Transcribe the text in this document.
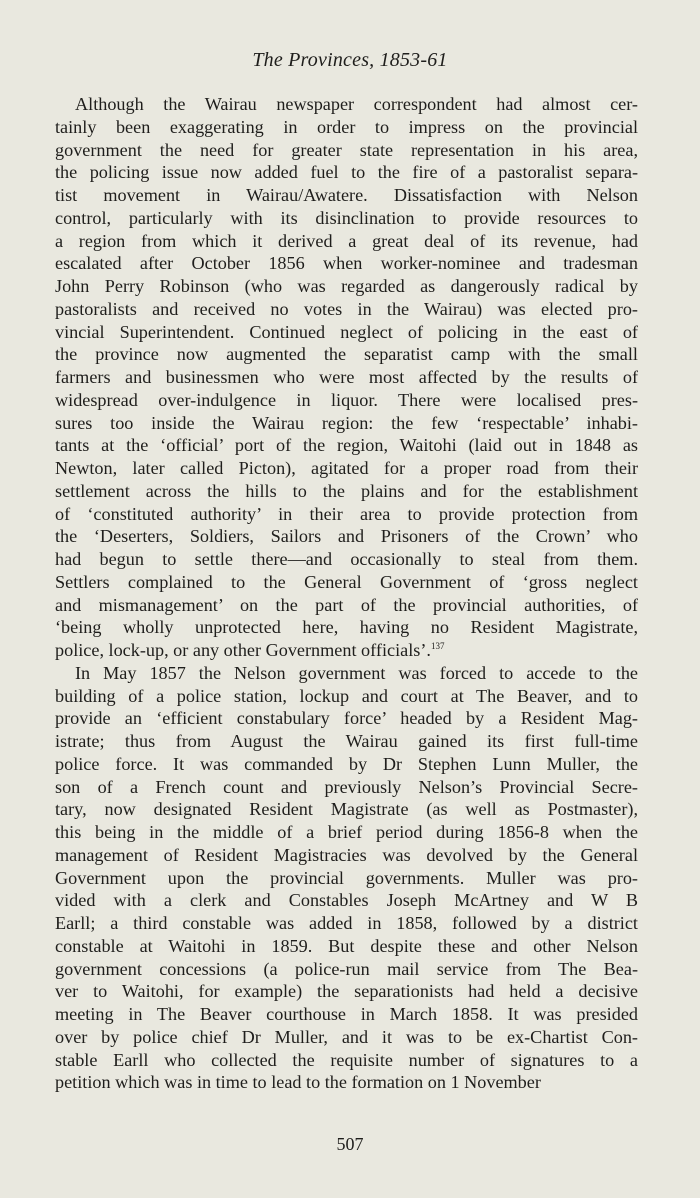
The Provinces, 1853-61
Although the Wairau newspaper correspondent had almost cer-
tainly been exaggerating in order to impress on the provincial
government the need for greater state representation in his area,
the policing issue now added fuel to the fire of a pastoralist separa-
tist movement in Wairau/Awatere. Dissatisfaction with Nelson
control, particularly with its disinclination to provide resources to
a region from which it derived a great deal of its revenue, had
escalated after October 1856 when worker-nominee and tradesman
John Perry Robinson (who was regarded as dangerously radical by
pastoralists and received no votes in the Wairau) was elected pro-
vincial Superintendent. Continued neglect of policing in the east of
the province now augmented the separatist camp with the small
farmers and businessmen who were most affected by the results of
widespread over-indulgence in liquor. There were localised pres-
sures too inside the Wairau region: the few ‘respectable’ inhabi-
tants at the ‘official’ port of the region, Waitohi (laid out in 1848 as
Newton, later called Picton), agitated for a proper road from their
settlement across the hills to the plains and for the establishment
of ‘constituted authority’ in their area to provide protection from
the ‘Deserters, Soldiers, Sailors and Prisoners of the Crown’ who
had begun to settle there—and occasionally to steal from them.
Settlers complained to the General Government of ‘gross neglect
and mismanagement’ on the part of the provincial authorities, of
‘being wholly unprotected here, having no Resident Magistrate,
police, lock-up, or any other Government officials’.$^{137}$
In May 1857 the Nelson government was forced to accede to the
building of a police station, lockup and court at The Beaver, and to
provide an ‘efficient constabulary force’ headed by a Resident Mag-
istrate; thus from August the Wairau gained its first full-time
police force. It was commanded by Dr Stephen Lunn Muller, the
son of a French count and previously Nelson’s Provincial Secre-
tary, now designated Resident Magistrate (as well as Postmaster),
this being in the middle of a brief period during 1856-8 when the
management of Resident Magistracies was devolved by the General
Government upon the provincial governments. Muller was pro-
vided with a clerk and Constables Joseph McArtney and W B
Earll; a third constable was added in 1858, followed by a district
constable at Waitohi in 1859. But despite these and other Nelson
government concessions (a police-run mail service from The Bea-
ver to Waitohi, for example) the separationists had held a decisive
meeting in The Beaver courthouse in March 1858. It was presided
over by police chief Dr Muller, and it was to be ex-Chartist Con-
stable Earll who collected the requisite number of signatures to a
petition which was in time to lead to the formation on 1 November
507
